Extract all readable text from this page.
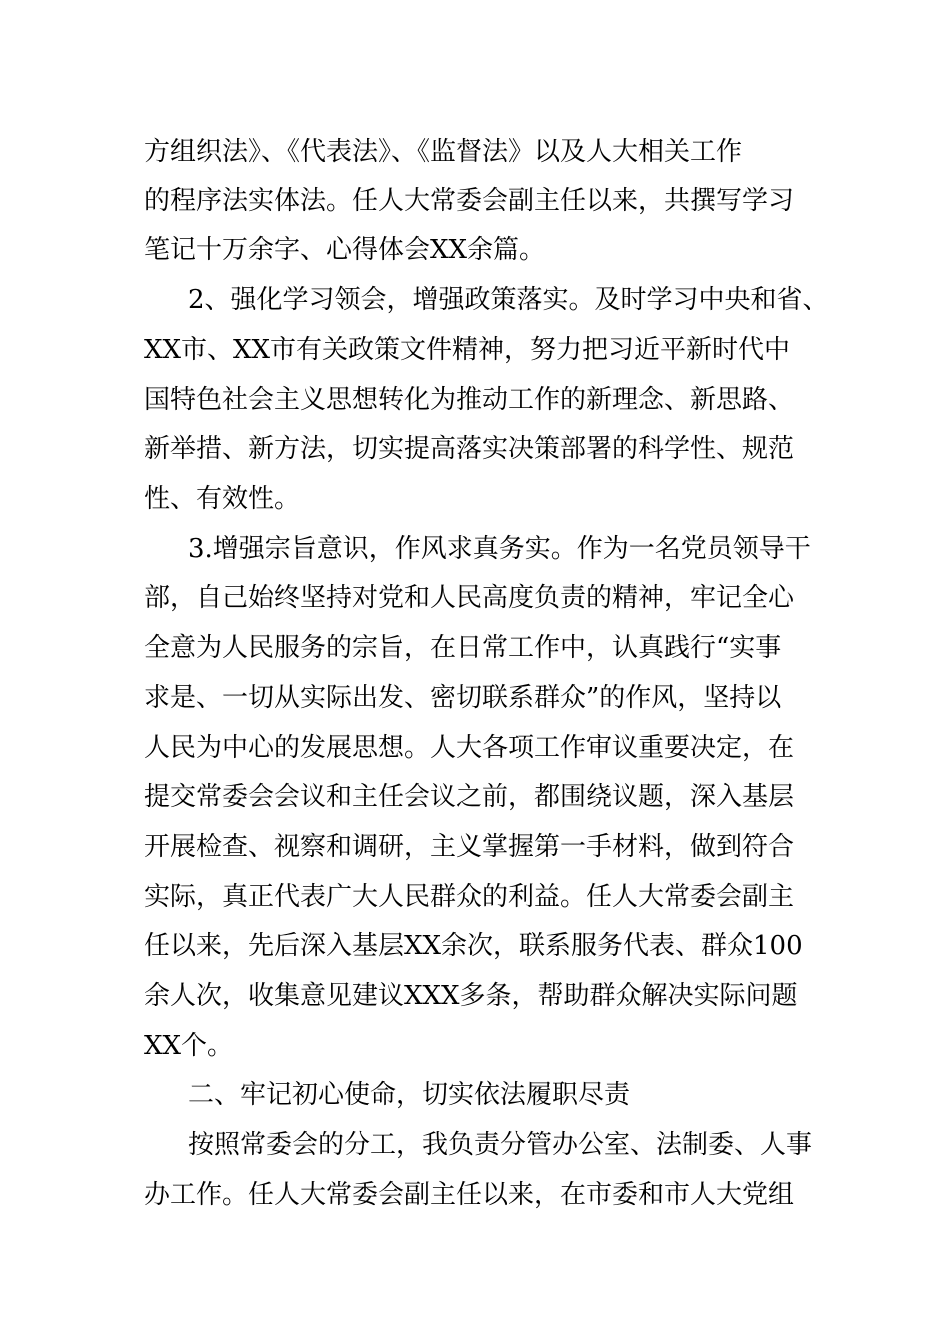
方组织法》、《代表法》、《监督法》以及人大相关工作
的程序法实体法。任人大常委会副主任以来，共撰写学习
笔记十万余字、心得体会XX余篇。
2、强化学习领会，增强政策落实。及时学习中央和省、
XX市、XX市有关政策文件精神，努力把习近平新时代中
国特色社会主义思想转化为推动工作的新理念、新思路、
新举措、新方法，切实提高落实决策部署的科学性、规范
性、有效性。
3.增强宗旨意识，作风求真务实。作为一名党员领导干
部，自己始终坚持对党和人民高度负责的精神，牢记全心
全意为人民服务的宗旨，在日常工作中，认真践行“实事
求是、一切从实际出发、密切联系群众”的作风，坚持以
人民为中心的发展思想。人大各项工作审议重要决定，在
提交常委会会议和主任会议之前，都围绕议题，深入基层
开展检查、视察和调研，主义掌握第一手材料，做到符合
实际，真正代表广大人民群众的利益。任人大常委会副主
任以来，先后深入基层XX余次，联系服务代表、群众100
余人次，收集意见建议XXX多条，帮助群众解决实际问题
XX个。
二、牢记初心使命，切实依法履职尽责
按照常委会的分工，我负责分管办公室、法制委、人事
办工作。任人大常委会副主任以来，在市委和市人大党组
